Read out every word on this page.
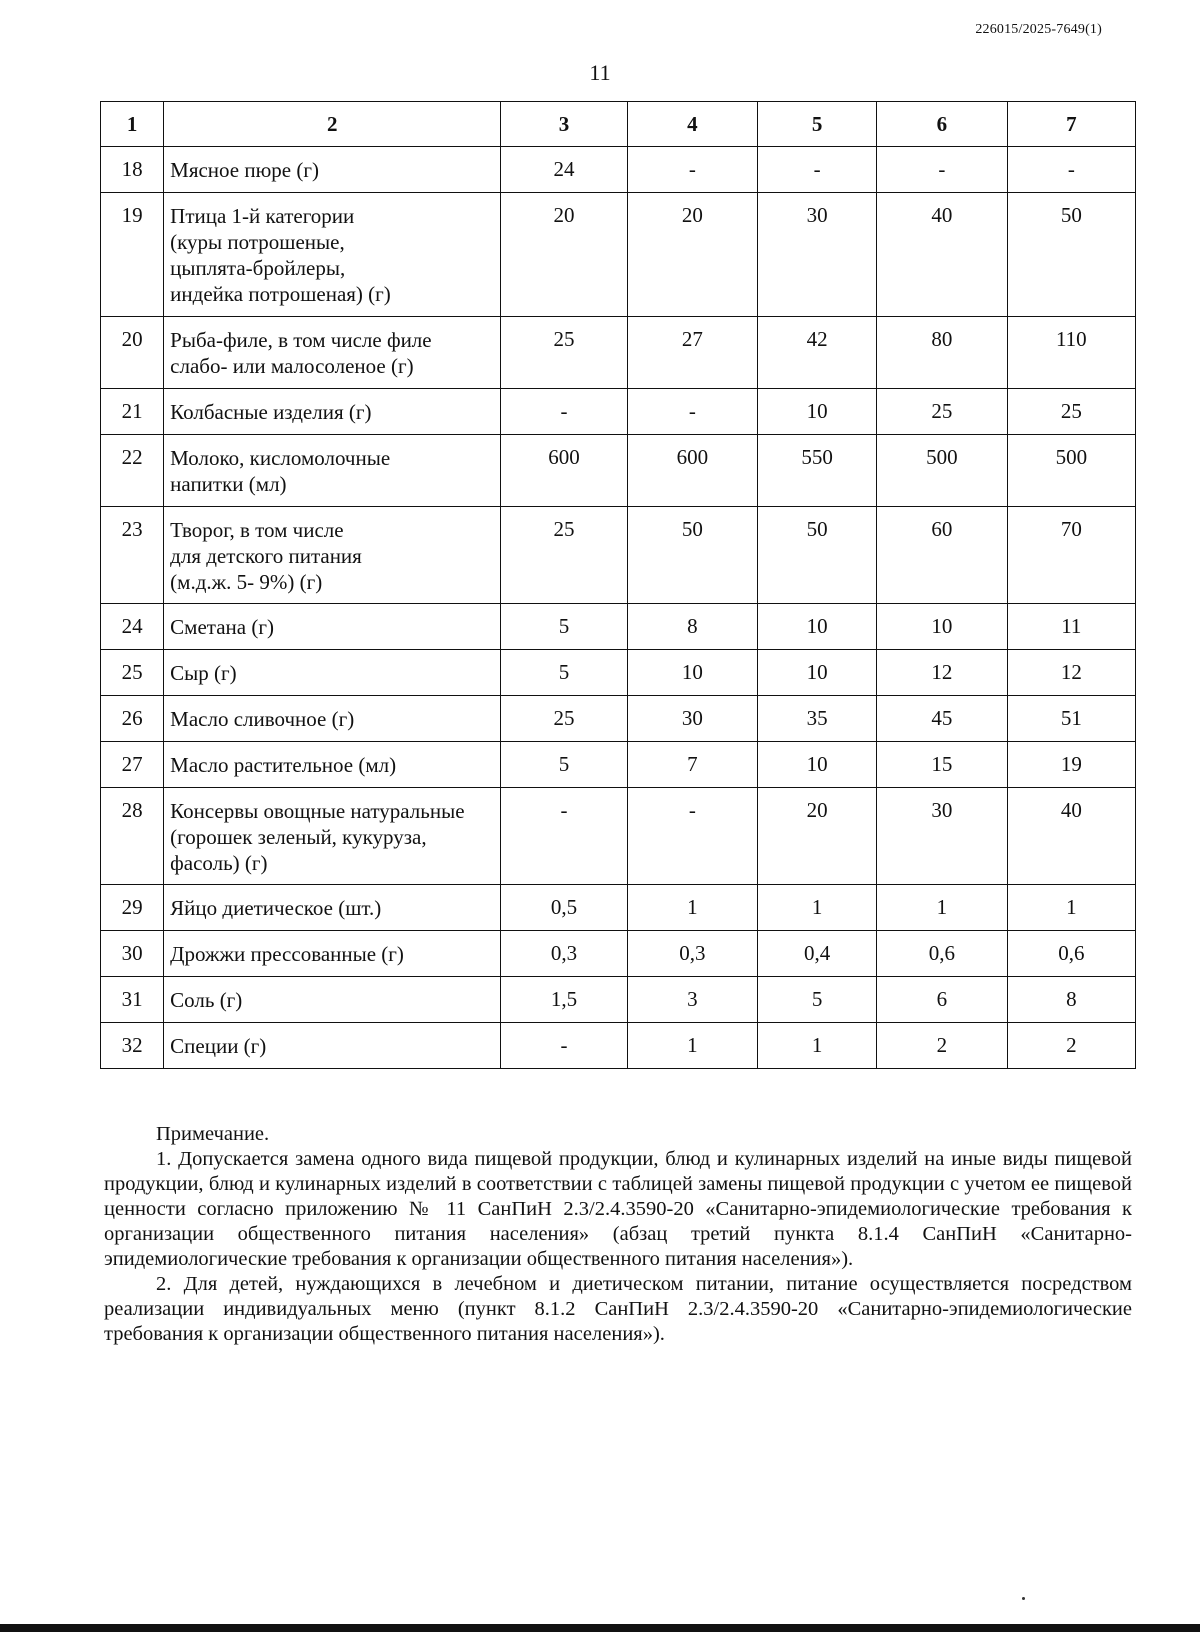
226015/2025-7649(1)
11
1	2	3	4	5	6	7
18	Мясное пюре (г)	24	-	-	-	-
19	Птица 1-й категории
(куры потрошеные,
цыплята-бройлеры,
индейка потрошеная) (г)	20	20	30	40	50
20	Рыба-филе, в том числе филе
слабо- или малосоленое (г)	25	27	42	80	110
21	Колбасные изделия (г)	-	-	10	25	25
22	Молоко, кисломолочные
напитки (мл)	600	600	550	500	500
23	Творог, в том числе
для детского питания
(м.д.ж. 5- 9%) (г)	25	50	50	60	70
24	Сметана (г)	5	8	10	10	11
25	Сыр (г)	5	10	10	12	12
26	Масло сливочное (г)	25	30	35	45	51
27	Масло растительное (мл)	5	7	10	15	19
28	Консервы овощные натуральные
(горошек зеленый, кукуруза,
фасоль) (г)	-	-	20	30	40
29	Яйцо диетическое (шт.)	0,5	1	1	1	1
30	Дрожжи прессованные (г)	0,3	0,3	0,4	0,6	0,6
31	Соль (г)	1,5	3	5	6	8
32	Специи (г)	-	1	1	2	2
Примечание.

1. Допускается замена одного вида пищевой продукции, блюд и кулинарных изделий на иные виды пищевой продукции, блюд и кулинарных изделий в соответствии с таблицей замены пищевой продукции с учетом ее пищевой ценности согласно приложению № 11 СанПиН 2.3/2.4.3590-20 «Санитарно-эпидемиологические требования к организации общественного питания населения» (абзац третий пункта 8.1.4 СанПиН «Санитарно-эпидемиологические требования к организации общественного питания населения»).

2. Для детей, нуждающихся в лечебном и диетическом питании, питание осуществляется посредством реализации индивидуальных меню (пункт 8.1.2 СанПиН 2.3/2.4.3590-20 «Санитарно-эпидемиологические требования к организации общественного питания населения»).
